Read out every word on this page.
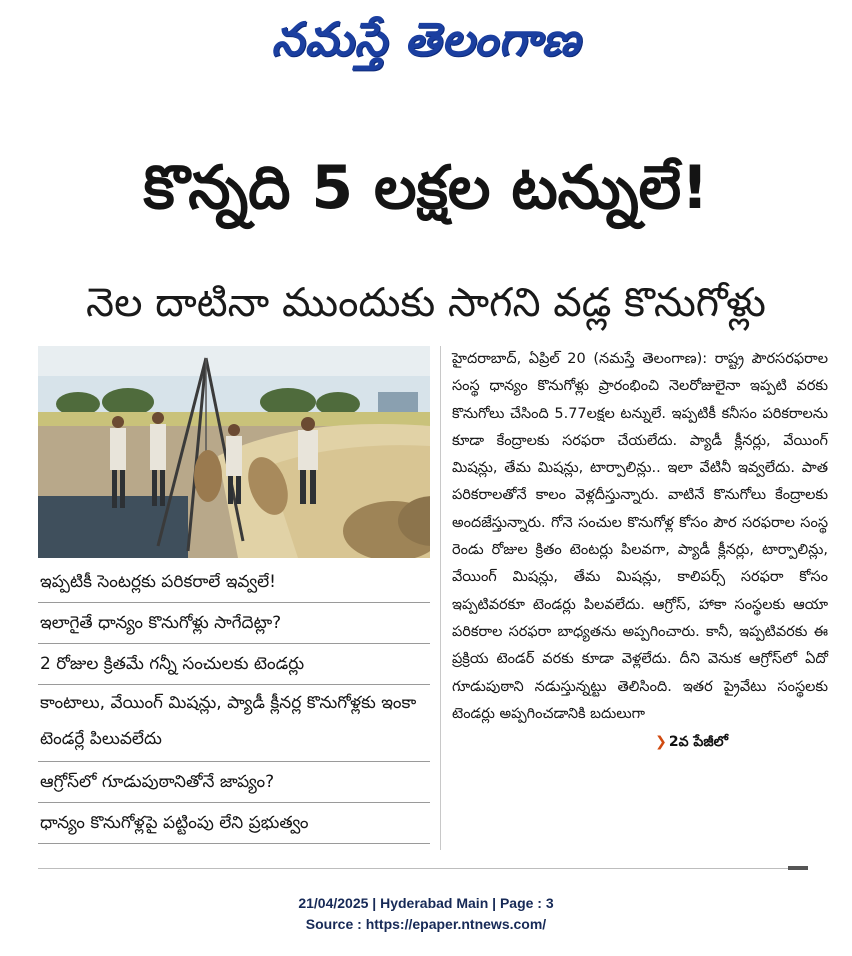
నమస్తే తెలంగాణ
కొన్నది 5 లక్షల టన్నులే!
నెల దాటినా ముందుకు సాగని వడ్ల కొనుగోళ్లు
ఇప్పటికీ సెంటర్లకు పరికరాలే ఇవ్వలే!
ఇలాగైతే ధాన్యం కొనుగోళ్లు సాగేదెట్లా?
2 రోజుల క్రితమే గన్నీ సంచులకు టెండర్లు
కాంటాలు, వేయింగ్ మిషన్లు, ప్యాడీ క్లీనర్ల కొనుగోళ్లకు ఇంకా టెండర్లే పిలువలేదు
ఆగ్రోస్‌లో గూడుపుఠానితోనే జాప్యం?
ధాన్యం కొనుగోళ్లపై పట్టింపు లేని ప్రభుత్వం

హైదరాబాద్, ఏప్రిల్ 20 (నమస్తే తెలంగాణ): రాష్ట్ర పౌరసరఫరాల సంస్థ ధాన్యం కొనుగోళ్లు ప్రారంభించి నెలరోజులైనా ఇప్పటి వరకు కొనుగోలు చేసింది 5.77లక్షల టన్నులే. ఇప్పటికీ కనీసం పరికరాలను కూడా కేంద్రాలకు సరఫరా చేయలేదు. ప్యాడీ క్లీనర్లు, వేయింగ్ మిషన్లు, తేమ మిషన్లు, టార్పాలిన్లు.. ఇలా వేటినీ ఇవ్వలేదు. పాత పరికరాలతోనే కాలం వెళ్లదీస్తున్నారు. వాటినే కొనుగోలు కేంద్రాలకు అందజేస్తున్నారు. గోనె సంచుల కొనుగోళ్ల కోసం పౌర సరఫరాల సంస్థ రెండు రోజుల క్రితం టెంటర్లు పిలవగా, ప్యాడీ క్లీనర్లు, టార్పాలిన్లు, వేయింగ్ మిషన్లు, తేమ మిషన్లు, కాలిపర్స్ సరఫరా కోసం ఇప్పటివరకూ టెండర్లు పిలవలేదు. ఆగ్రోస్, హాకా సంస్థలకు ఆయా పరికరాల సరఫరా బాధ్యతను అప్పగించారు. కానీ, ఇప్పటివరకు ఈ ప్రక్రియ టెండర్ వరకు కూడా వెళ్లలేదు. దీని వెనుక ఆగ్రోస్‌లో ఏదో గూడుపుఠాని నడుస్తున్నట్టు తెలిసింది. ఇతర ప్రైవేటు సంస్థలకు టెండర్లు అప్పగించడానికి బదులుగా

❯ 2వ పేజీలో
21/04/2025 | Hyderabad Main | Page : 3
Source : https://epaper.ntnews.com/
